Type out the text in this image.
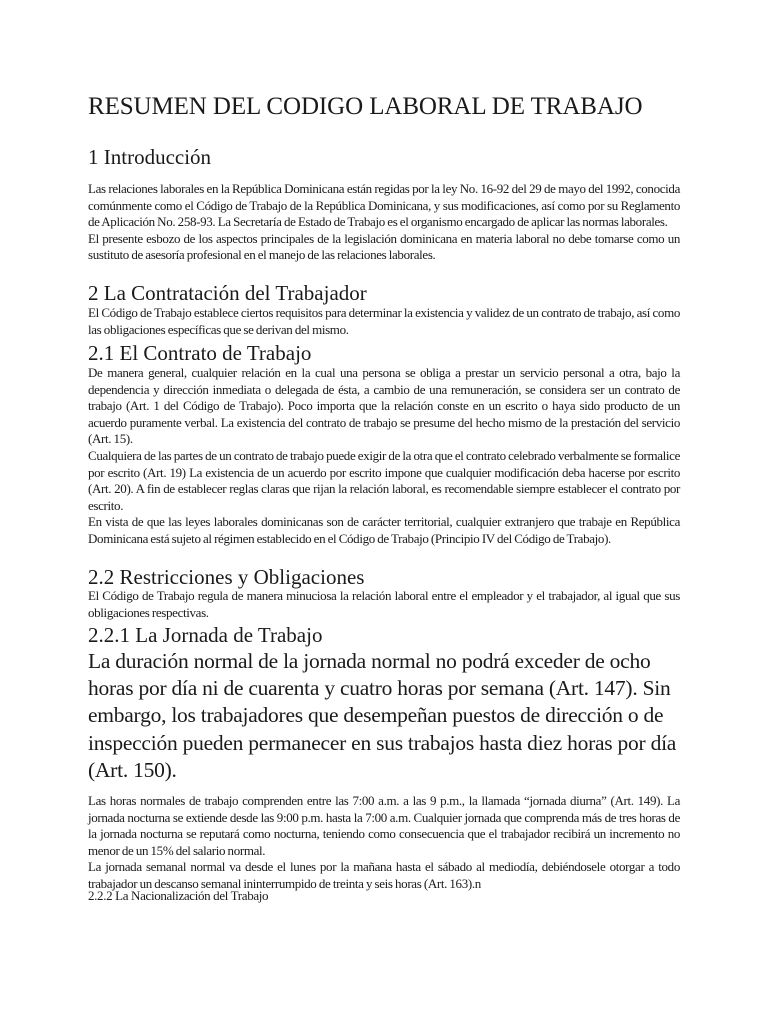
RESUMEN DEL CODIGO LABORAL DE TRABAJO
1 Introducción

Las relaciones laborales en la República Dominicana están regidas por la ley No. 16-92 del 29 de mayo del 1992, conocida comúnmente como el Código de Trabajo de la República Dominicana, y sus modificaciones, así como por su Reglamento de Aplicación No. 258-93. La Secretaría de Estado de Trabajo es el organismo encargado de aplicar las normas laborales.

El presente esbozo de los aspectos principales de la legislación dominicana en materia laboral no debe tomarse como un sustituto de asesoría profesional en el manejo de las relaciones laborales.

2 La Contratación del Trabajador

El Código de Trabajo establece ciertos requisitos para determinar la existencia y validez de un contrato de trabajo, así como las obligaciones específicas que se derivan del mismo.

2.1 El Contrato de Trabajo

De manera general, cualquier relación en la cual una persona se obliga a prestar un servicio personal a otra, bajo la dependencia y dirección inmediata o delegada de ésta, a cambio de una remuneración, se considera ser un contrato de trabajo (Art. 1 del Código de Trabajo). Poco importa que la relación conste en un escrito o haya sido producto de un acuerdo puramente verbal. La existencia del contrato de trabajo se presume del hecho mismo de la prestación del servicio (Art. 15).

Cualquiera de las partes de un contrato de trabajo puede exigir de la otra que el contrato celebrado verbalmente se formalice por escrito (Art. 19) La existencia de un acuerdo por escrito impone que cualquier modificación deba hacerse por escrito (Art. 20). A fin de establecer reglas claras que rijan la relación laboral, es recomendable siempre establecer el contrato por escrito.

En vista de que las leyes laborales dominicanas son de carácter territorial, cualquier extranjero que trabaje en República Dominicana está sujeto al régimen establecido en el Código de Trabajo (Principio IV del Código de Trabajo).

2.2 Restricciones y Obligaciones

El Código de Trabajo regula de manera minuciosa la relación laboral entre el empleador y el trabajador, al igual que sus obligaciones respectivas.

2.2.1 La Jornada de Trabajo

La duración normal de la jornada normal no podrá exceder de ocho horas por día ni de cuarenta y cuatro horas por semana (Art. 147). Sin embargo, los trabajadores que desempeñan puestos de dirección o de inspección pueden permanecer en sus trabajos hasta diez horas por día (Art. 150).

Las horas normales de trabajo comprenden entre las 7:00 a.m. a las 9 p.m., la llamada “jornada diurna” (Art. 149). La jornada nocturna se extiende desde las 9:00 p.m. hasta la 7:00 a.m. Cualquier jornada que comprenda más de tres horas de la jornada nocturna se reputará como nocturna, teniendo como consecuencia que el trabajador recibirá un incremento no menor de un 15% del salario normal.

La jornada semanal normal va desde el lunes por la mañana hasta el sábado al mediodía, debiéndosele otorgar a todo trabajador un descanso semanal ininterrumpido de treinta y seis horas (Art. 163).n

2.2.2 La Nacionalización del Trabajo
